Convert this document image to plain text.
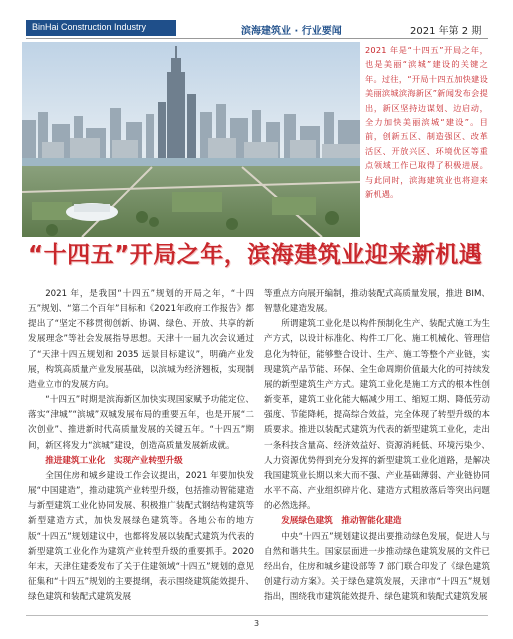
BinHai Construction Industry	滨海建筑业 · 行业要闻	2021 年第 2 期
2021 年是“十四五”开局之年，也是美丽“滨城”建设的关键之年。过往，“开局十四五加快建设美丽滨城滨海新区”新闻发布会提出，新区坚持边谋划、边启动，全力加快美丽滨城“建设”。目前，创新五区、制造强区、改革活区、开放兴区、环境优区等重点领域工作已取得了积极进展。与此同时，滨海建筑业也将迎来新机遇。
“十四五”开局之年，滨海建筑业迎来新机遇

2021 年，是我国“十四五”规划的开局之年，“十四五”规划、“第二个百年”目标和《2021年政府工作报告》都提出了“坚定不移贯彻创新、协调、绿色、开放、共享的新发展理念”等社会发展指导思想。天津十一届九次会议通过了“天津十四五规划和 2035 远景目标建议”，明确产业发展，构筑高质量产业发展基础，以滨城为经济翘板，实现制造业立市的发展方向。

“十四五”时期是滨海新区加快实现国家赋予功能定位、落实“津城”“滨城”双城发展布局的重要五年，也是开展“二次创业”、推进新时代高质量发展的关键五年。“十四五”期间，新区将发力“滨城”建设，创造高质量发展新成就。

推进建筑工业化　实现产业转型升级

全国住房和城乡建设工作会议提出，2021 年要加快发展“中国建造”，推动建筑产业转型升级，包括推动智能建造与新型建筑工业化协同发展、积极推广装配式钢结构建筑等新型建造方式，加快发展绿色建筑等。各地公布的地方版“十四五”规划建议中，也都将发展以装配式建筑为代表的新型建筑工业化作为建筑产业转型升级的重要抓手。2020年末，天津住建委发布了关于住建领域“十四五”规划的意见征集和“十四五”规划的主要提纲，表示围绕建筑能效提升、绿色建筑和装配式建筑发展

等重点方向展开编制，推动装配式高质量发展，推进 BIM、智慧化建造发展。

所谓建筑工业化是以构件预制化生产、装配式施工为生产方式，以设计标准化、构件工厂化、施工机械化、管理信息化为特征，能够整合设计、生产、施工等整个产业链，实现建筑产品节能、环保、全生命周期价值最大化的可持续发展的新型建筑生产方式。建筑工业化是施工方式的根本性创新变革，建筑工业化能大幅减少用工、缩短工期、降低劳动强度、节能降耗，提高综合效益，完全体现了转型升级的本质要求。推进以装配式建筑为代表的新型建筑工业化，走出一条科技含量高、经济效益好、资源消耗低、环境污染少、人力资源优势得到充分发挥的新型建筑工业化道路，是解决我国建筑业长期以来大而不强、产业基础薄弱、产业链协同水平不高、产业组织碎片化、建造方式粗放落后等突出问题的必然选择。

发展绿色建筑　推动智能化建造

中央“十四五”规划建议提出要推动绿色发展，促进人与自然和谐共生。国家层面进一步推动绿色建筑发展的文件已经出台，住房和城乡建设部等 7 部门联合印发了《绿色建筑创建行动方案》。关于绿色建筑发展，天津市“十四五”规划指出，围绕我市建筑能效提升、绿色建筑和装配式建筑发展

3
